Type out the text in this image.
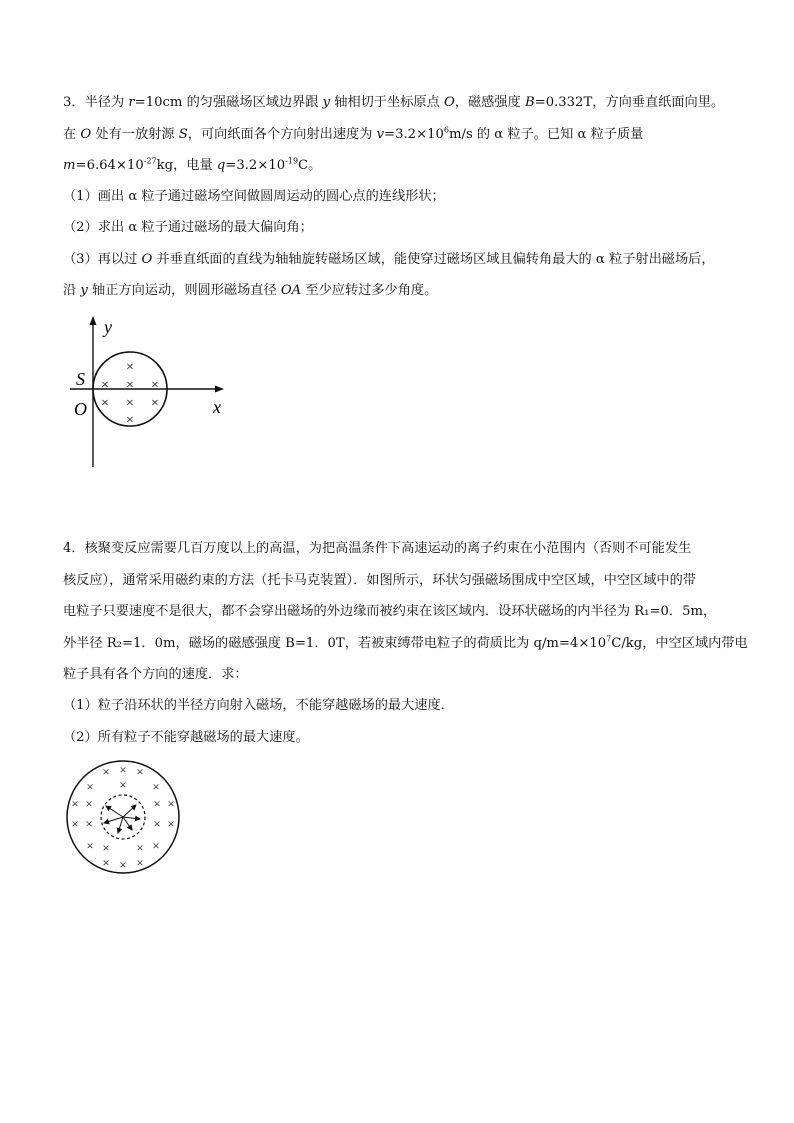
3．半径为 r=10cm 的匀强磁场区域边界跟 y 轴相切于坐标原点 O，磁感强度 B=0.332T，方向垂直纸面向里。
在 O 处有一放射源 S，可向纸面各个方向射出速度为 $v=3.2\times 10^6m/s$ 的 α 粒子。已知 α 粒子质量
$m=6.64\times 10^{-27}kg$，电量 $q=3.2\times 10^{-19}C$。
（1）画出 α 粒子通过磁场空间做圆周运动的圆心点的连线形状；
（2）求出 α 粒子通过磁场的最大偏向角；
（3）再以过 O 并垂直纸面的直线为轴轴旋转磁场区域，能使穿过磁场区域且偏转角最大的 α 粒子射出磁场后，
沿 y 轴正方向运动，则圆形磁场直径 OA 至少应转过多少角度。
y
x
S
O
×
× × ×
× × ×
×
4．核聚变反应需要几百万度以上的高温，为把高温条件下高速运动的离子约束在小范围内（否则不可能发生
核反应），通常采用磁约束的方法（托卡马克装置）．如图所示，环状匀强磁场围成中空区域，中空区域中的带
电粒子只要速度不是很大，都不会穿出磁场的外边缘而被约束在该区域内．设环状磁场的内半径为 R₁=0．5m，
外半径 R₂=1．0m，磁场的磁感强度 B=1．0T，若被束缚带电粒子的荷质比为 $q/m=4\times 10^7C/kg$，中空区域内带电
粒子具有各个方向的速度．求：
（1）粒子沿环状的半径方向射入磁场，不能穿越磁场的最大速度．
（2）所有粒子不能穿越磁场的最大速度。
× × ×
× × ×
× ×	× ×
× ×	× ×
× × × ×
× × ×
